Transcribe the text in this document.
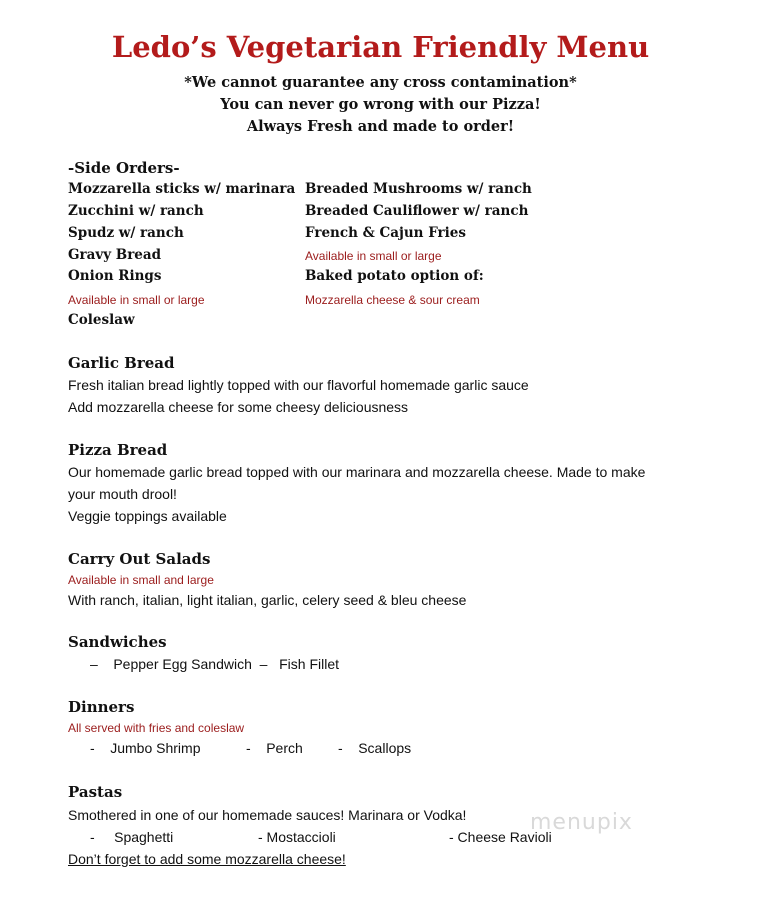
Ledo’s Vegetarian Friendly Menu
*We cannot guarantee any cross contamination*
You can never go wrong with our Pizza!
Always Fresh and made to order!
-Side Orders-
Mozzarella sticks w/ marinara
Zucchini w/ ranch
Spudz w/ ranch
Gravy Bread
Onion Rings
Available in small or large
Coleslaw
Breaded Mushrooms w/ ranch
Breaded Cauliflower w/ ranch
French & Cajun Fries
Available in small or large
Baked potato option of:
Mozzarella cheese & sour cream
Garlic Bread
Fresh italian bread lightly topped with our flavorful homemade garlic sauce
Add mozzarella cheese for some cheesy deliciousness
Pizza Bread
Our homemade garlic bread topped with our marinara and mozzarella cheese. Made to make
your mouth drool!
Veggie toppings available
Carry Out Salads
Available in small and large
With ranch, italian, light italian, garlic, celery seed & bleu cheese
Sandwiches
–    Pepper Egg Sandwich  –   Fish Fillet
Dinners
All served with fries and coleslaw
-    Jumbo Shrimp	-    Perch	-    Scallops
Pastas
Smothered in one of our homemade sauces! Marinara or Vodka!
-     Spaghetti	- Mostaccioli	- Cheese Ravioli
Don’t forget to add some mozzarella cheese!
menupix
